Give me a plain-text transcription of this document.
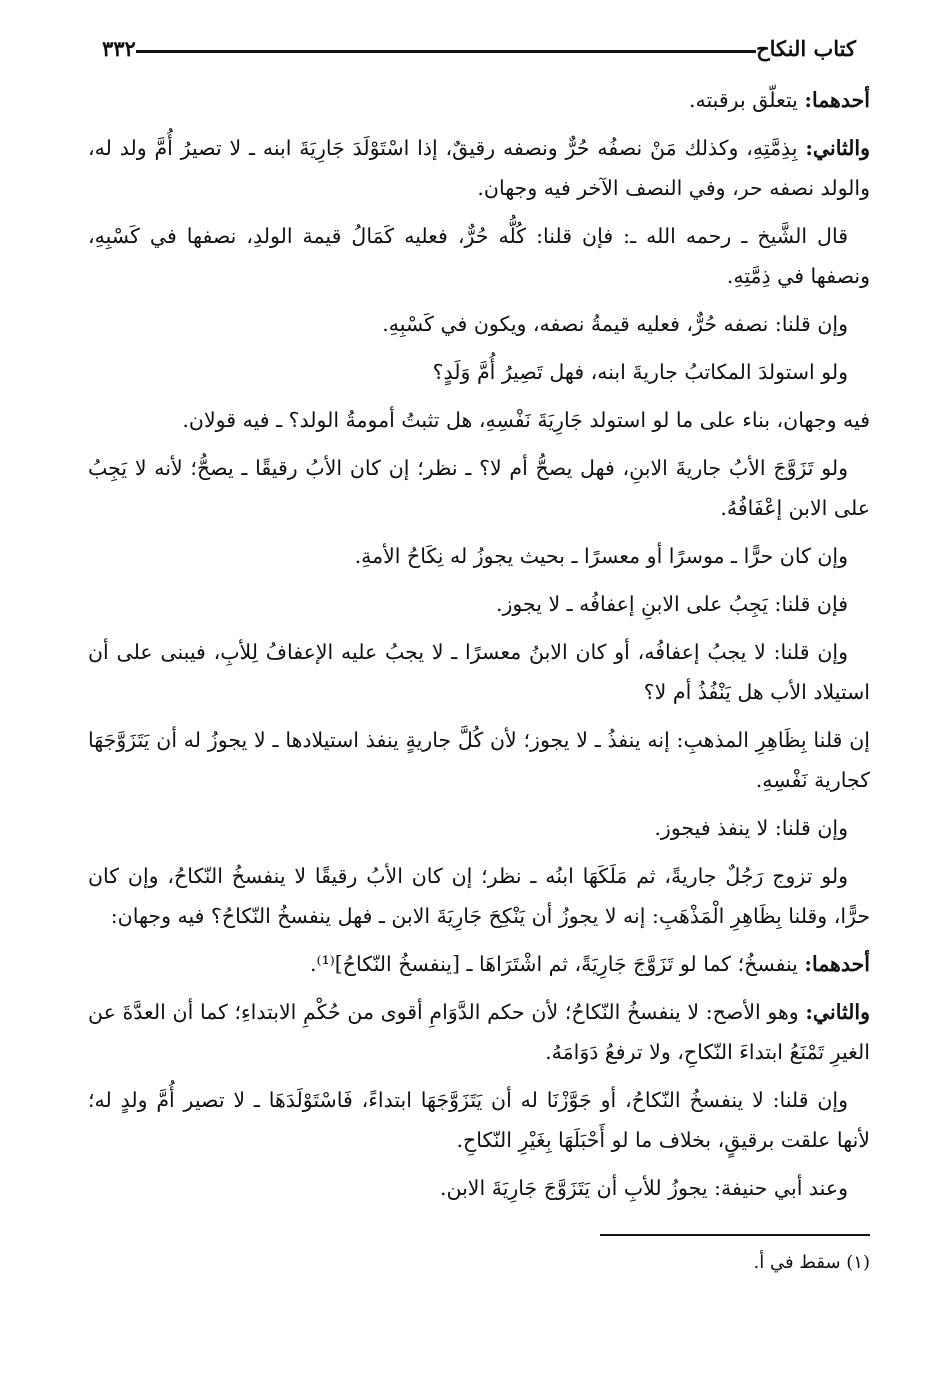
كتاب النكاح
٣٣٢

أحدهما: يتعلّق برقبته.

والثاني: بِذِمَّتِهِ، وكذلك مَنْ نصفُه حُرٌّ ونصفه رقيقٌ، إذا اسْتَوْلَدَ جَارِيَةَ ابنه ـ لا تصيرُ أُمَّ ولد له، والولد نصفه حر، وفي النصف الآخر فيه وجهان.

قال الشَّيخ ـ رحمه الله ـ: فإن قلنا: كُلُّه حُرٌّ، فعليه كَمَالُ قيمة الولدِ، نصفها في كَسْبِهِ، ونصفها في ذِمَّتِهِ.

وإن قلنا: نصفه حُرٌّ، فعليه قيمةُ نصفه، ويكون في كَسْبِهِ.

ولو استولدَ المكاتبُ جاريةَ ابنه، فهل تَصِيرُ أُمَّ وَلَدٍ؟

فيه وجهان، بناء على ما لو استولد جَارِيَةَ نَفْسِهِ، هل تثبتُ أمومةُ الولد؟ ـ فيه قولان.

ولو تَزَوَّجَ الأبُ جاريةَ الابنِ، فهل يصحُّ أم لا؟ ـ نظر؛ إن كان الأبُ رقيقًا ـ يصحُّ؛ لأنه لا يَجِبُ على الابن إعْفَافُهُ.

وإن كان حرًّا ـ موسرًا أو معسرًا ـ بحيث يجوزُ له نِكَاحُ الأمةِ.

فإن قلنا: يَجِبُ على الابنِ إعفافُه ـ لا يجوز.

وإن قلنا: لا يجبُ إعفافُه، أو كان الابنُ معسرًا ـ لا يجبُ عليه الإعفافُ لِلأبِ، فيبنى على أن استيلاد الأب هل يَنْفُذُ أم لا؟

إن قلنا بِظَاهِرِ المذهبِ: إنه ينفذُ ـ لا يجوز؛ لأن كُلَّ جاريةٍ ينفذ استيلادها ـ لا يجوزُ له أن يَتَزَوَّجَهَا كجارية نَفْسِهِ.

وإن قلنا: لا ينفذ فيجوز.

ولو تزوج رَجُلٌ جاريةً، ثم مَلَكَهَا ابنُه ـ نظر؛ إن كان الأبُ رقيقًا لا ينفسخُ النّكاحُ، وإن كان حرًّا، وقلنا بِظَاهِرِ الْمَذْهَبِ: إنه لا يجوزُ أن يَنْكِحَ جَارِيَةَ الابن ـ فهل ينفسخُ النّكاحُ؟ فيه وجهان:

أحدهما: ينفسخُ؛ كما لو تَزَوَّجَ جَارِيَةً، ثم اشْتَرَاهَا ـ [ينفسخُ النّكاحُ]⁽¹⁾.

والثاني: وهو الأصح: لا ينفسخُ النّكاحُ؛ لأن حكم الدَّوَامِ أقوى من حُكْمِ الابتداءِ؛ كما أن العدَّةَ عن الغيرِ تَمْنَعُ ابتداءَ النّكاحِ، ولا ترفعُ دَوَامَهُ.

وإن قلنا: لا ينفسخُ النّكاحُ، أو جَوَّزْنَا له أن يَتَزَوَّجَهَا ابتداءً، فَاسْتَوْلَدَهَا ـ لا تصير أُمَّ ولدٍ له؛ لأنها علقت برقيقٍ، بخلاف ما لو أَحْبَلَهَا بِغَيْرِ النّكاحِ.

وعند أبي حنيفة: يجوزُ للأبِ أن يَتَزَوَّجَ جَارِيَةَ الابن.

(١) سقط في أ.
